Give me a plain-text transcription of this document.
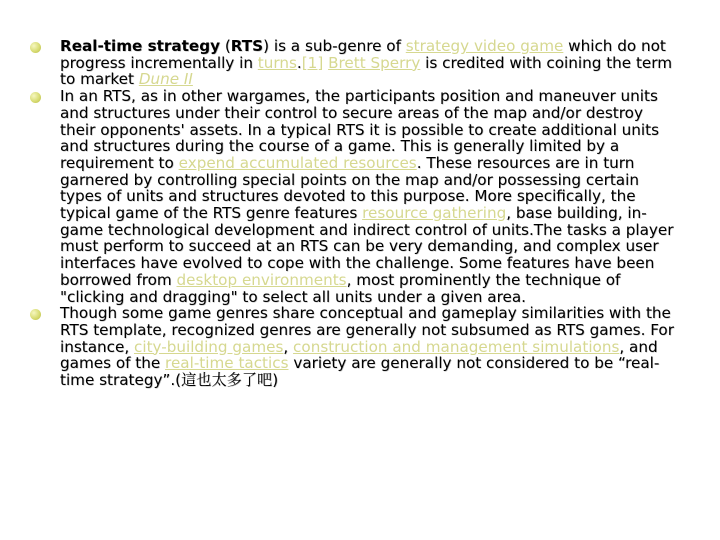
Real-time strategy (RTS) is a sub-genre of strategy video game which do not progress incrementally in turns.[1] Brett Sperry is credited with coining the term to market Dune II
In an RTS, as in other wargames, the participants position and maneuver units and structures under their control to secure areas of the map and/or destroy their opponents' assets. In a typical RTS it is possible to create additional units and structures during the course of a game. This is generally limited by a requirement to expend accumulated resources. These resources are in turn garnered by controlling special points on the map and/or possessing certain types of units and structures devoted to this purpose. More specifically, the typical game of the RTS genre features resource gathering, base building, in-game technological development and indirect control of units.The tasks a player must perform to succeed at an RTS can be very demanding, and complex user interfaces have evolved to cope with the challenge. Some features have been borrowed from desktop environments, most prominently the technique of "clicking and dragging" to select all units under a given area.
Though some game genres share conceptual and gameplay similarities with the RTS template, recognized genres are generally not subsumed as RTS games. For instance, city-building games, construction and management simulations, and games of the real-time tactics variety are generally not considered to be “real-time strategy”.(這也太多了吧)
